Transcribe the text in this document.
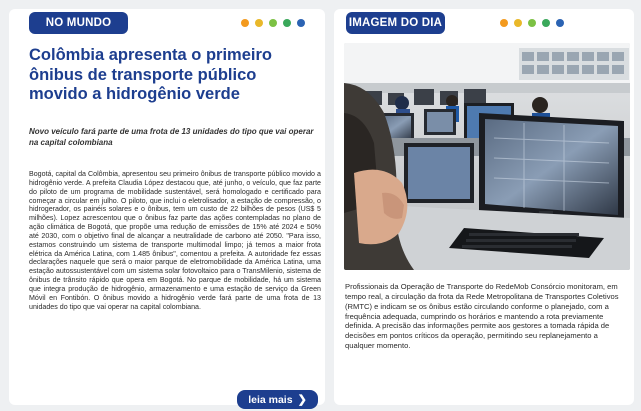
NO MUNDO
Colômbia apresenta o primeiro ônibus de transporte público movido a hidrogênio verde

Novo veículo fará parte de uma frota de 13 unidades do tipo que vai operar na capital colombiana

Bogotá, capital da Colômbia, apresentou seu primeiro ônibus de transporte público movido a hidrogênio verde. A prefeita Claudia López destacou que, até junho, o veículo, que faz parte do piloto de um programa de mobilidade sustentável, será homologado e certificado para começar a circular em julho. O piloto, que inclui o eletrolisador, a estação de compressão, o hidrogerador, os painéis solares e o ônibus, tem um custo de 22 bilhões de pesos (US$ 5 milhões). Lopez acrescentou que o ônibus faz parte das ações contempladas no plano de ação climática de Bogotá, que propõe uma redução de emissões de 15% até 2024 e 50% até 2030, com o objetivo final de alcançar a neutralidade de carbono até 2050. "Para isso, estamos construindo um sistema de transporte multimodal limpo; já temos a maior frota elétrica da América Latina, com 1.485 ônibus", comentou a prefeita. A autoridade fez essas declarações naquele que será o maior parque de eletromobilidade da América Latina, uma estação autossustentável com um sistema solar fotovoltaico para o TransMilenio, sistema de ônibus de trânsito rápido que opera em Bogotá. No parque de mobilidade, há um sistema que integra produção de hidrogênio, armazenamento e uma estação de serviço da Green Móvil en Fontibón. O ônibus movido a hidrogênio verde fará parte de uma frota de 13 unidades do tipo que vai operar na capital colombiana.

leia mais ❯
IMAGEM DO DIA

Profissionais da Operação de Transporte do RedeMob Consórcio monitoram, em tempo real, a circulação da frota da Rede Metropolitana de Transportes Coletivos (RMTC) e indicam se os ônibus estão circulando conforme o planejado, com a frequência adequada, cumprindo os horários e mantendo a rota previamente definida. A precisão das informações permite aos gestores a tomada rápida de decisões em pontos críticos da operação, permitindo seu replanejamento a qualquer momento.
